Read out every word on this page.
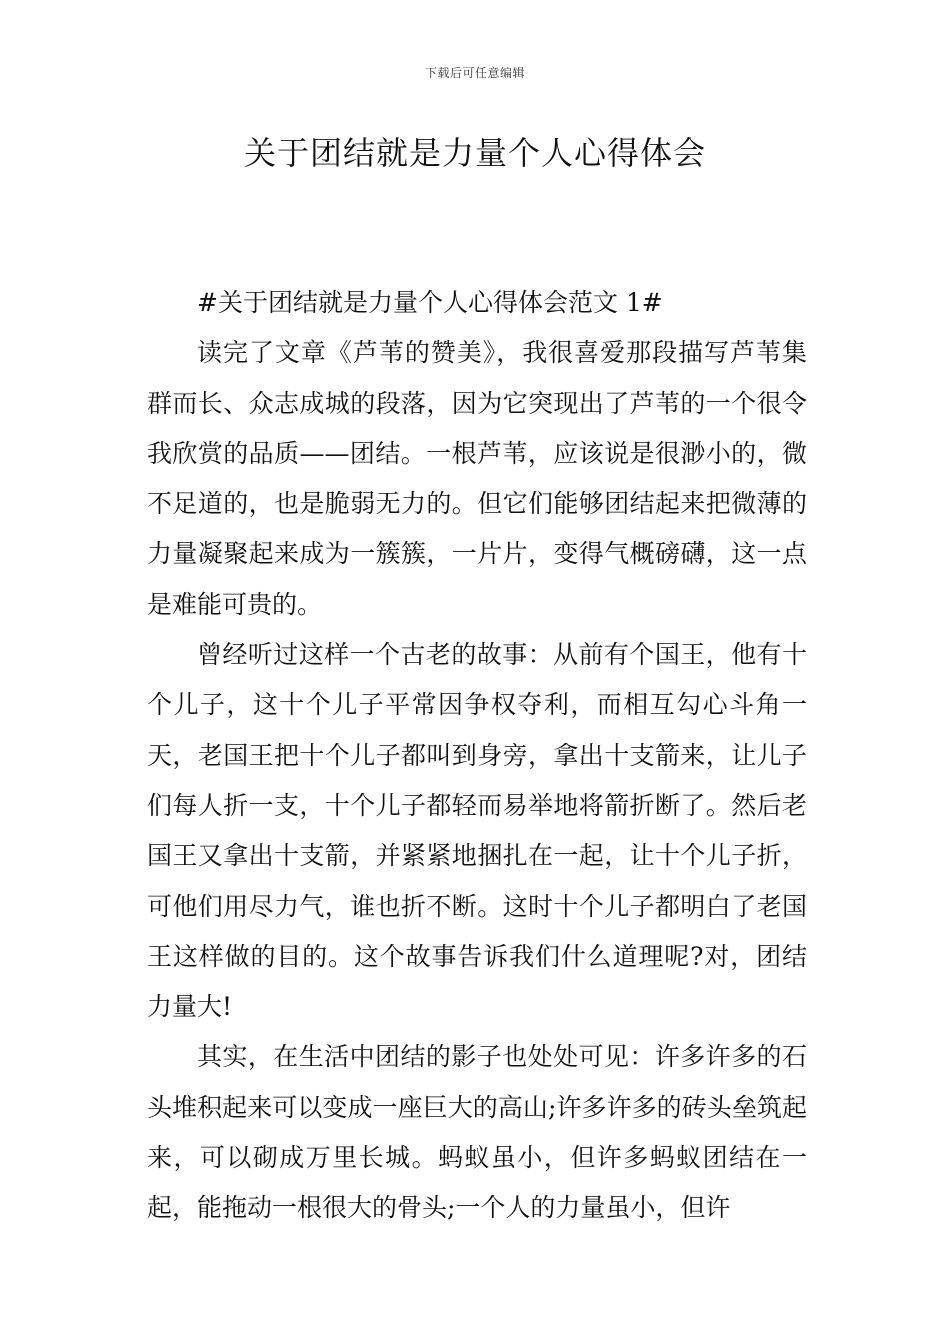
下载后可任意编辑
关于团结就是力量个人心得体会

#关于团结就是力量个人心得体会范文 1#

读完了文章《芦苇的赞美》，我很喜爱那段描写芦苇集群而长、众志成城的段落，因为它突现出了芦苇的一个很令我欣赏的品质——团结。一根芦苇，应该说是很渺小的，微不足道的，也是脆弱无力的。但它们能够团结起来把微薄的力量凝聚起来成为一簇簇，一片片，变得气概磅礴，这一点是难能可贵的。

曾经听过这样一个古老的故事：从前有个国王，他有十个儿子，这十个儿子平常因争权夺利，而相互勾心斗角一天，老国王把十个儿子都叫到身旁，拿出十支箭来，让儿子们每人折一支，十个儿子都轻而易举地将箭折断了。然后老国王又拿出十支箭，并紧紧地捆扎在一起，让十个儿子折，可他们用尽力气，谁也折不断。这时十个儿子都明白了老国王这样做的目的。这个故事告诉我们什么道理呢?对，团结力量大!

其实，在生活中团结的影子也处处可见：许多许多的石头堆积起来可以变成一座巨大的高山;许多许多的砖头垒筑起来，可以砌成万里长城。蚂蚁虽小，但许多蚂蚁团结在一起，能拖动一根很大的骨头;一个人的力量虽小，但许
